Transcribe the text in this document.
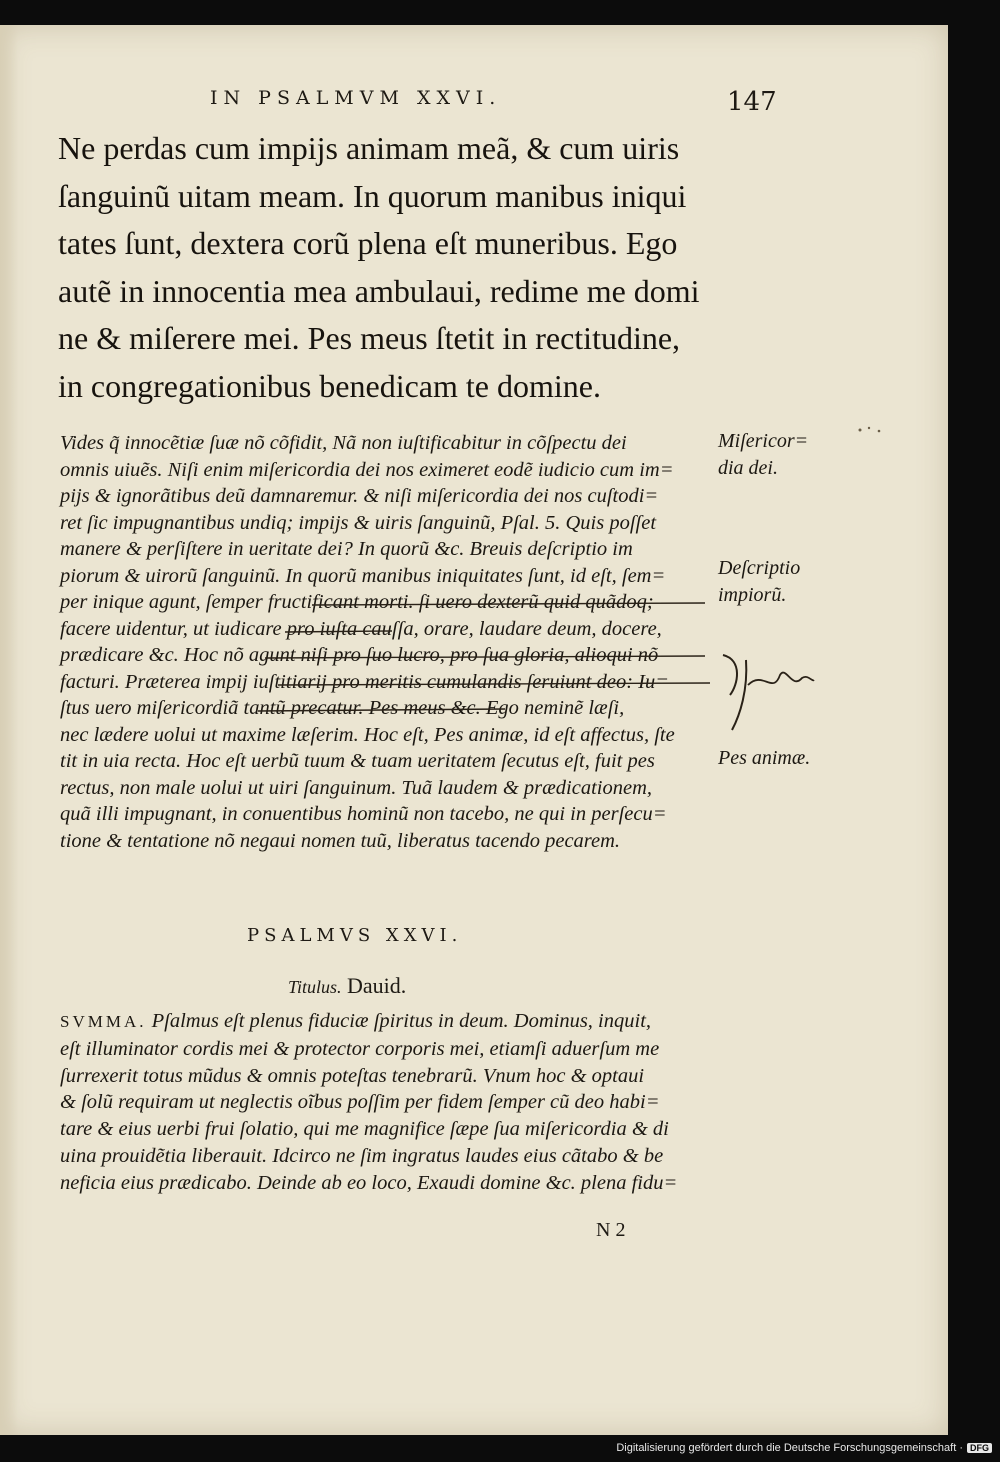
IN PSALMVM XXVI.	147
Ne perdas cum impijs animam meã, & cum uiris
ſanguinũ uitam meam. In quorum manibus iniqui
tates ſunt, dextera corũ plena eſt muneribus. Ego
autẽ in innocentia mea ambulaui, redime me domi
ne & miſerere mei. Pes meus ſtetit in rectitudine,
in congregationibus benedicam te domine.
Vides q̃ innocẽtiæ ſuæ nõ cõfidit, Nã non iuſtificabitur in cõſpectu dei
omnis uiuẽs. Niſi enim miſericordia dei nos eximeret eodẽ iudicio cum im=
pijs & ignorãtibus deũ damnaremur. & niſi miſericordia dei nos cuſtodi=
ret ſic impugnantibus undiq; impijs & uiris ſanguinũ, Pſal. 5. Quis poſſet
manere & perſiſtere in ueritate dei? In quorũ &c. Breuis deſcriptio im
piorum & uirorũ ſanguinũ. In quorũ manibus iniquitates ſunt, id eſt, ſem=
per inique agunt, ſemper fructificant morti. ſi uero dexterũ quid quãdoq;
facere uidentur, ut iudicare pro iuſta cauſſa, orare, laudare deum, docere,
prædicare &c. Hoc nõ agunt niſi pro ſuo lucro, pro ſua gloria, alioqui nõ
facturi. Præterea impij iuſtitiarij pro meritis cumulandis ſeruiunt deo: Iu=
ſtus uero miſericordiã tantũ precatur. Pes meus &c. Ego neminẽ læſi,
nec lædere uolui ut maxime læſerim. Hoc eſt, Pes animæ, id eſt affectus, ſte
tit in uia recta. Hoc eſt uerbũ tuum & tuam ueritatem ſecutus eſt, fuit pes
rectus, non male uolui ut uiri ſanguinum. Tuã laudem & prædicationem,
quã illi impugnant, in conuentibus hominũ non tacebo, ne qui in perſecu=
tione & tentatione nõ negaui nomen tuũ, liberatus tacendo pecarem.
Miſericor=
dia dei.
Deſcriptio
impiorũ.
Pes animæ.
PSALMVS XXVI.
Titulus. Dauid.
SVMMA. Pſalmus eſt plenus fiduciæ ſpiritus in deum. Dominus, inquit,
eſt illuminator cordis mei & protector corporis mei, etiamſi aduerſum me
ſurrexerit totus mũdus & omnis poteſtas tenebrarũ. Vnum hoc & optaui
& ſolũ requiram ut neglectis oĩbus poſſim per fidem ſemper cũ deo habi=
tare & eius uerbi frui ſolatio, qui me magnifice ſæpe ſua miſericordia & di
uina prouidẽtia liberauit. Idcirco ne ſim ingratus laudes eius cãtabo & be
neficia eius prædicabo. Deinde ab eo loco, Exaudi domine &c. plena fidu=
N 2
Digitalisierung gefördert durch die Deutsche Forschungsgemeinschaft · DFG
